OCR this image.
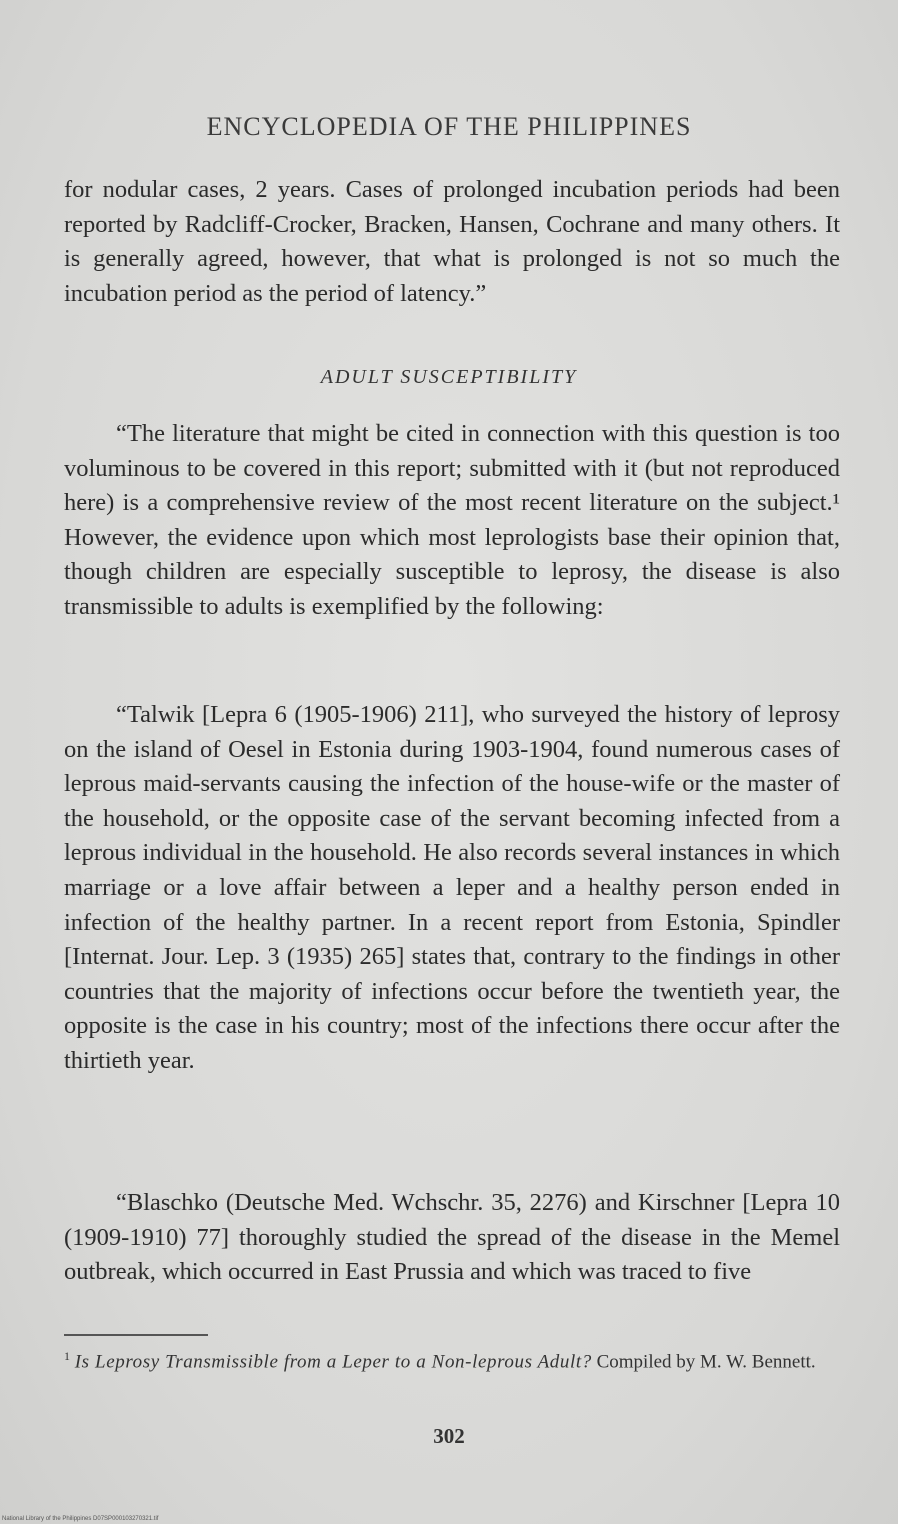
ENCYCLOPEDIA OF THE PHILIPPINES

for nodular cases, 2 years. Cases of prolonged incubation periods had been reported by Radcliff-Crocker, Bracken, Hansen, Cochrane and many others. It is generally agreed, however, that what is prolonged is not so much the incubation period as the period of latency.”

ADULT SUSCEPTIBILITY

“The literature that might be cited in connection with this question is too voluminous to be covered in this report; submitted with it (but not reproduced here) is a comprehensive review of the most recent literature on the subject.¹ However, the evidence upon which most leprologists base their opinion that, though children are especially susceptible to leprosy, the disease is also transmissible to adults is exemplified by the following:

“Talwik [Lepra 6 (1905-1906) 211], who surveyed the history of leprosy on the island of Oesel in Estonia during 1903-1904, found numerous cases of leprous maid-servants causing the infection of the house-wife or the master of the household, or the opposite case of the servant becoming infected from a leprous individual in the household. He also records several instances in which marriage or a love affair between a leper and a healthy person ended in infection of the healthy partner. In a recent report from Estonia, Spindler [Internat. Jour. Lep. 3 (1935) 265] states that, contrary to the findings in other countries that the majority of infections occur before the twentieth year, the opposite is the case in his country; most of the infections there occur after the thirtieth year.

“Blaschko (Deutsche Med. Wchschr. 35, 2276) and Kirschner [Lepra 10 (1909-1910) 77] thoroughly studied the spread of the disease in the Memel outbreak, which occurred in East Prussia and which was traced to five

$^1$ Is Leprosy Transmissible from a Leper to a Non-leprous Adult? Compiled by M. W. Bennett.
302
National Library of the Philippines D07SP000103270321.tif
